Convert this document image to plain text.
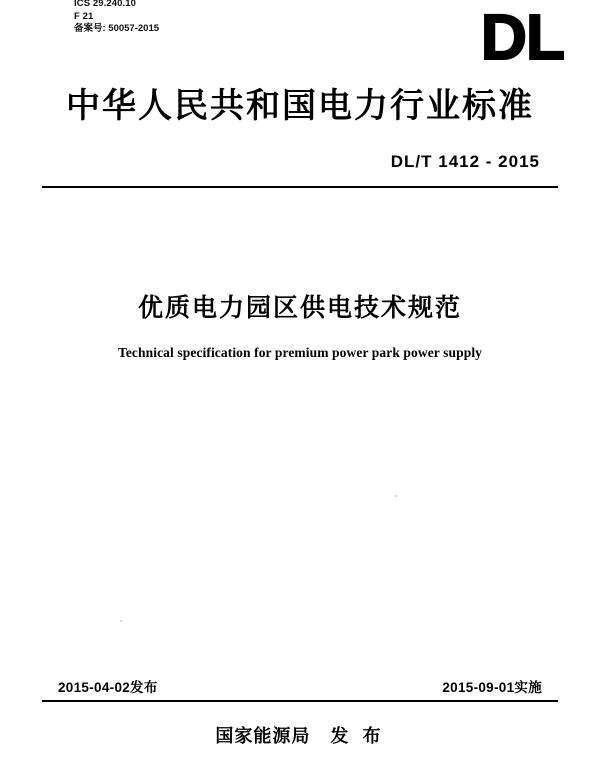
ICS 29.240.10
F 21
备案号: 50057-2015	DL
中华人民共和国电力行业标准
DL/T 1412 - 2015
优质电力园区供电技术规范
Technical specification for premium power park power supply
2015-04-02发布	2015-09-01实施
国家能源局 发 布
